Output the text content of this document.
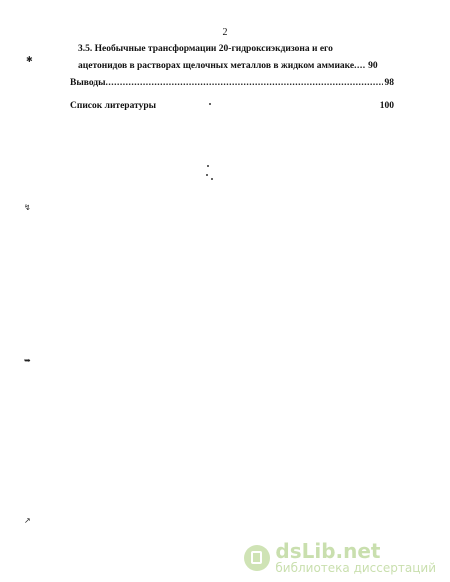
2
3.5. Необычные трансформации 20-гидроксиэкдизона и его
ацетонидов в растворах щелочных металлов в жидком аммиаке ..... 90
Выводы .....	98
Список литературы	100
✱
↯
➥
↗
dsLib.net
библиотека диссертаций
